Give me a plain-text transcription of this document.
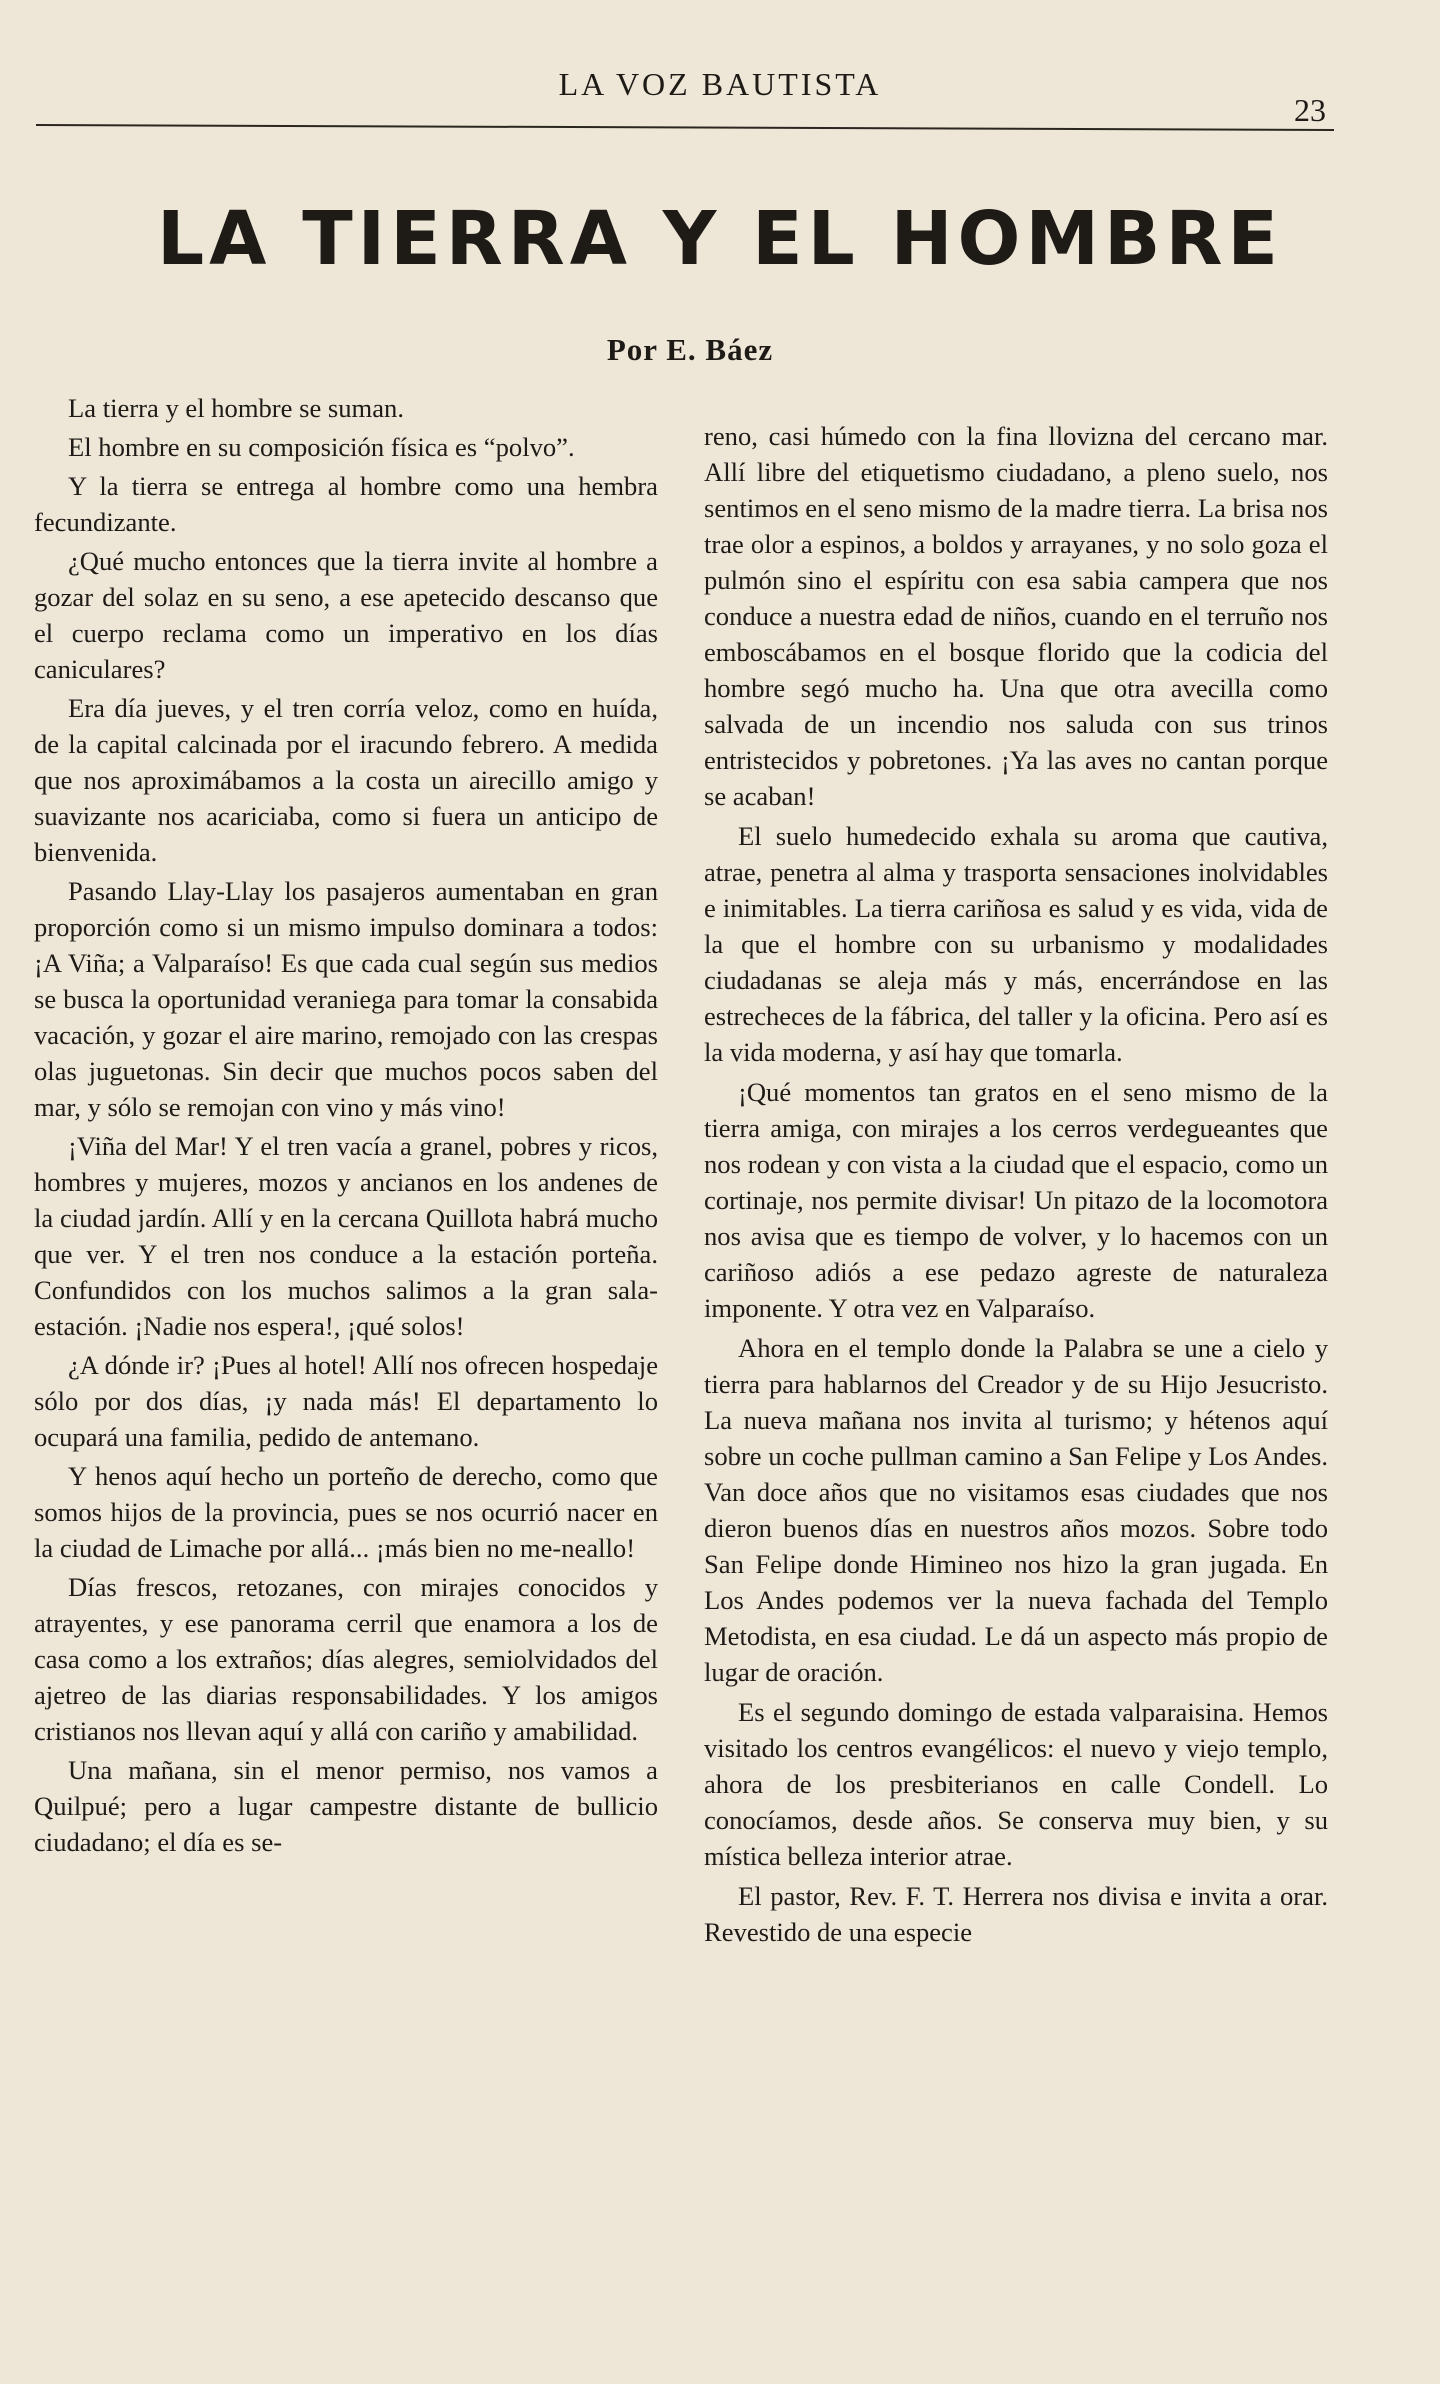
LA VOZ BAUTISTA
23
LA TIERRA Y EL HOMBRE
Por E. Báez

La tierra y el hombre se suman.

El hombre en su composición física es “polvo”.

Y la tierra se entrega al hombre como una hembra fecundizante.

¿Qué mucho entonces que la tierra invite al hombre a gozar del solaz en su seno, a ese apetecido descanso que el cuerpo reclama como un imperativo en los días caniculares?

Era día jueves, y el tren corría veloz, como en huída, de la capital calcinada por el iracundo febrero. A medida que nos aproximábamos a la costa un airecillo amigo y suavizante nos acariciaba, como si fuera un anticipo de bienvenida.

Pasando Llay-Llay los pasajeros aumentaban en gran proporción como si un mismo impulso dominara a todos: ¡A Viña; a Valparaíso! Es que cada cual según sus medios se busca la oportunidad veraniega para tomar la consabida vacación, y gozar el aire marino, remojado con las crespas olas juguetonas. Sin decir que muchos pocos saben del mar, y sólo se remojan con vino y más vino!

¡Viña del Mar! Y el tren vacía a granel, pobres y ricos, hombres y mujeres, mozos y ancianos en los andenes de la ciudad jardín. Allí y en la cercana Quillota habrá mucho que ver. Y el tren nos conduce a la estación porteña. Confundidos con los muchos salimos a la gran sala-estación. ¡Nadie nos espera!, ¡qué solos!

¿A dónde ir? ¡Pues al hotel! Allí nos ofrecen hospedaje sólo por dos días, ¡y nada más! El departamento lo ocupará una familia, pedido de antemano.

Y henos aquí hecho un porteño de derecho, como que somos hijos de la provincia, pues se nos ocurrió nacer en la ciudad de Limache por allá... ¡más bien no me-neallo!

Días frescos, retozanes, con mirajes conocidos y atrayentes, y ese panorama cerril que enamora a los de casa como a los extraños; días alegres, semiolvidados del ajetreo de las diarias responsabilidades. Y los amigos cristianos nos llevan aquí y allá con cariño y amabilidad.

Una mañana, sin el menor permiso, nos vamos a Quilpué; pero a lugar campestre distante de bullicio ciudadano; el día es se-

reno, casi húmedo con la fina llovizna del cercano mar. Allí libre del etiquetismo ciudadano, a pleno suelo, nos sentimos en el seno mismo de la madre tierra. La brisa nos trae olor a espinos, a boldos y arrayanes, y no solo goza el pulmón sino el espíritu con esa sabia campera que nos conduce a nuestra edad de niños, cuando en el terruño nos emboscábamos en el bosque florido que la codicia del hombre segó mucho ha. Una que otra avecilla como salvada de un incendio nos saluda con sus trinos entristecidos y pobretones. ¡Ya las aves no cantan porque se acaban!

El suelo humedecido exhala su aroma que cautiva, atrae, penetra al alma y trasporta sensaciones inolvidables e inimitables. La tierra cariñosa es salud y es vida, vida de la que el hombre con su urbanismo y modalidades ciudadanas se aleja más y más, encerrándose en las estrecheces de la fábrica, del taller y la oficina. Pero así es la vida moderna, y así hay que tomarla.

¡Qué momentos tan gratos en el seno mismo de la tierra amiga, con mirajes a los cerros verdegueantes que nos rodean y con vista a la ciudad que el espacio, como un cortinaje, nos permite divisar! Un pitazo de la locomotora nos avisa que es tiempo de volver, y lo hacemos con un cariñoso adiós a ese pedazo agreste de naturaleza imponente. Y otra vez en Valparaíso.

Ahora en el templo donde la Palabra se une a cielo y tierra para hablarnos del Creador y de su Hijo Jesucristo. La nueva mañana nos invita al turismo; y hétenos aquí sobre un coche pullman camino a San Felipe y Los Andes. Van doce años que no visitamos esas ciudades que nos dieron buenos días en nuestros años mozos. Sobre todo San Felipe donde Himineo nos hizo la gran jugada. En Los Andes podemos ver la nueva fachada del Templo Metodista, en esa ciudad. Le dá un aspecto más propio de lugar de oración.

Es el segundo domingo de estada valparaisina. Hemos visitado los centros evangélicos: el nuevo y viejo templo, ahora de los presbiterianos en calle Condell. Lo conocíamos, desde años. Se conserva muy bien, y su mística belleza interior atrae.

El pastor, Rev. F. T. Herrera nos divisa e invita a orar. Revestido de una especie
